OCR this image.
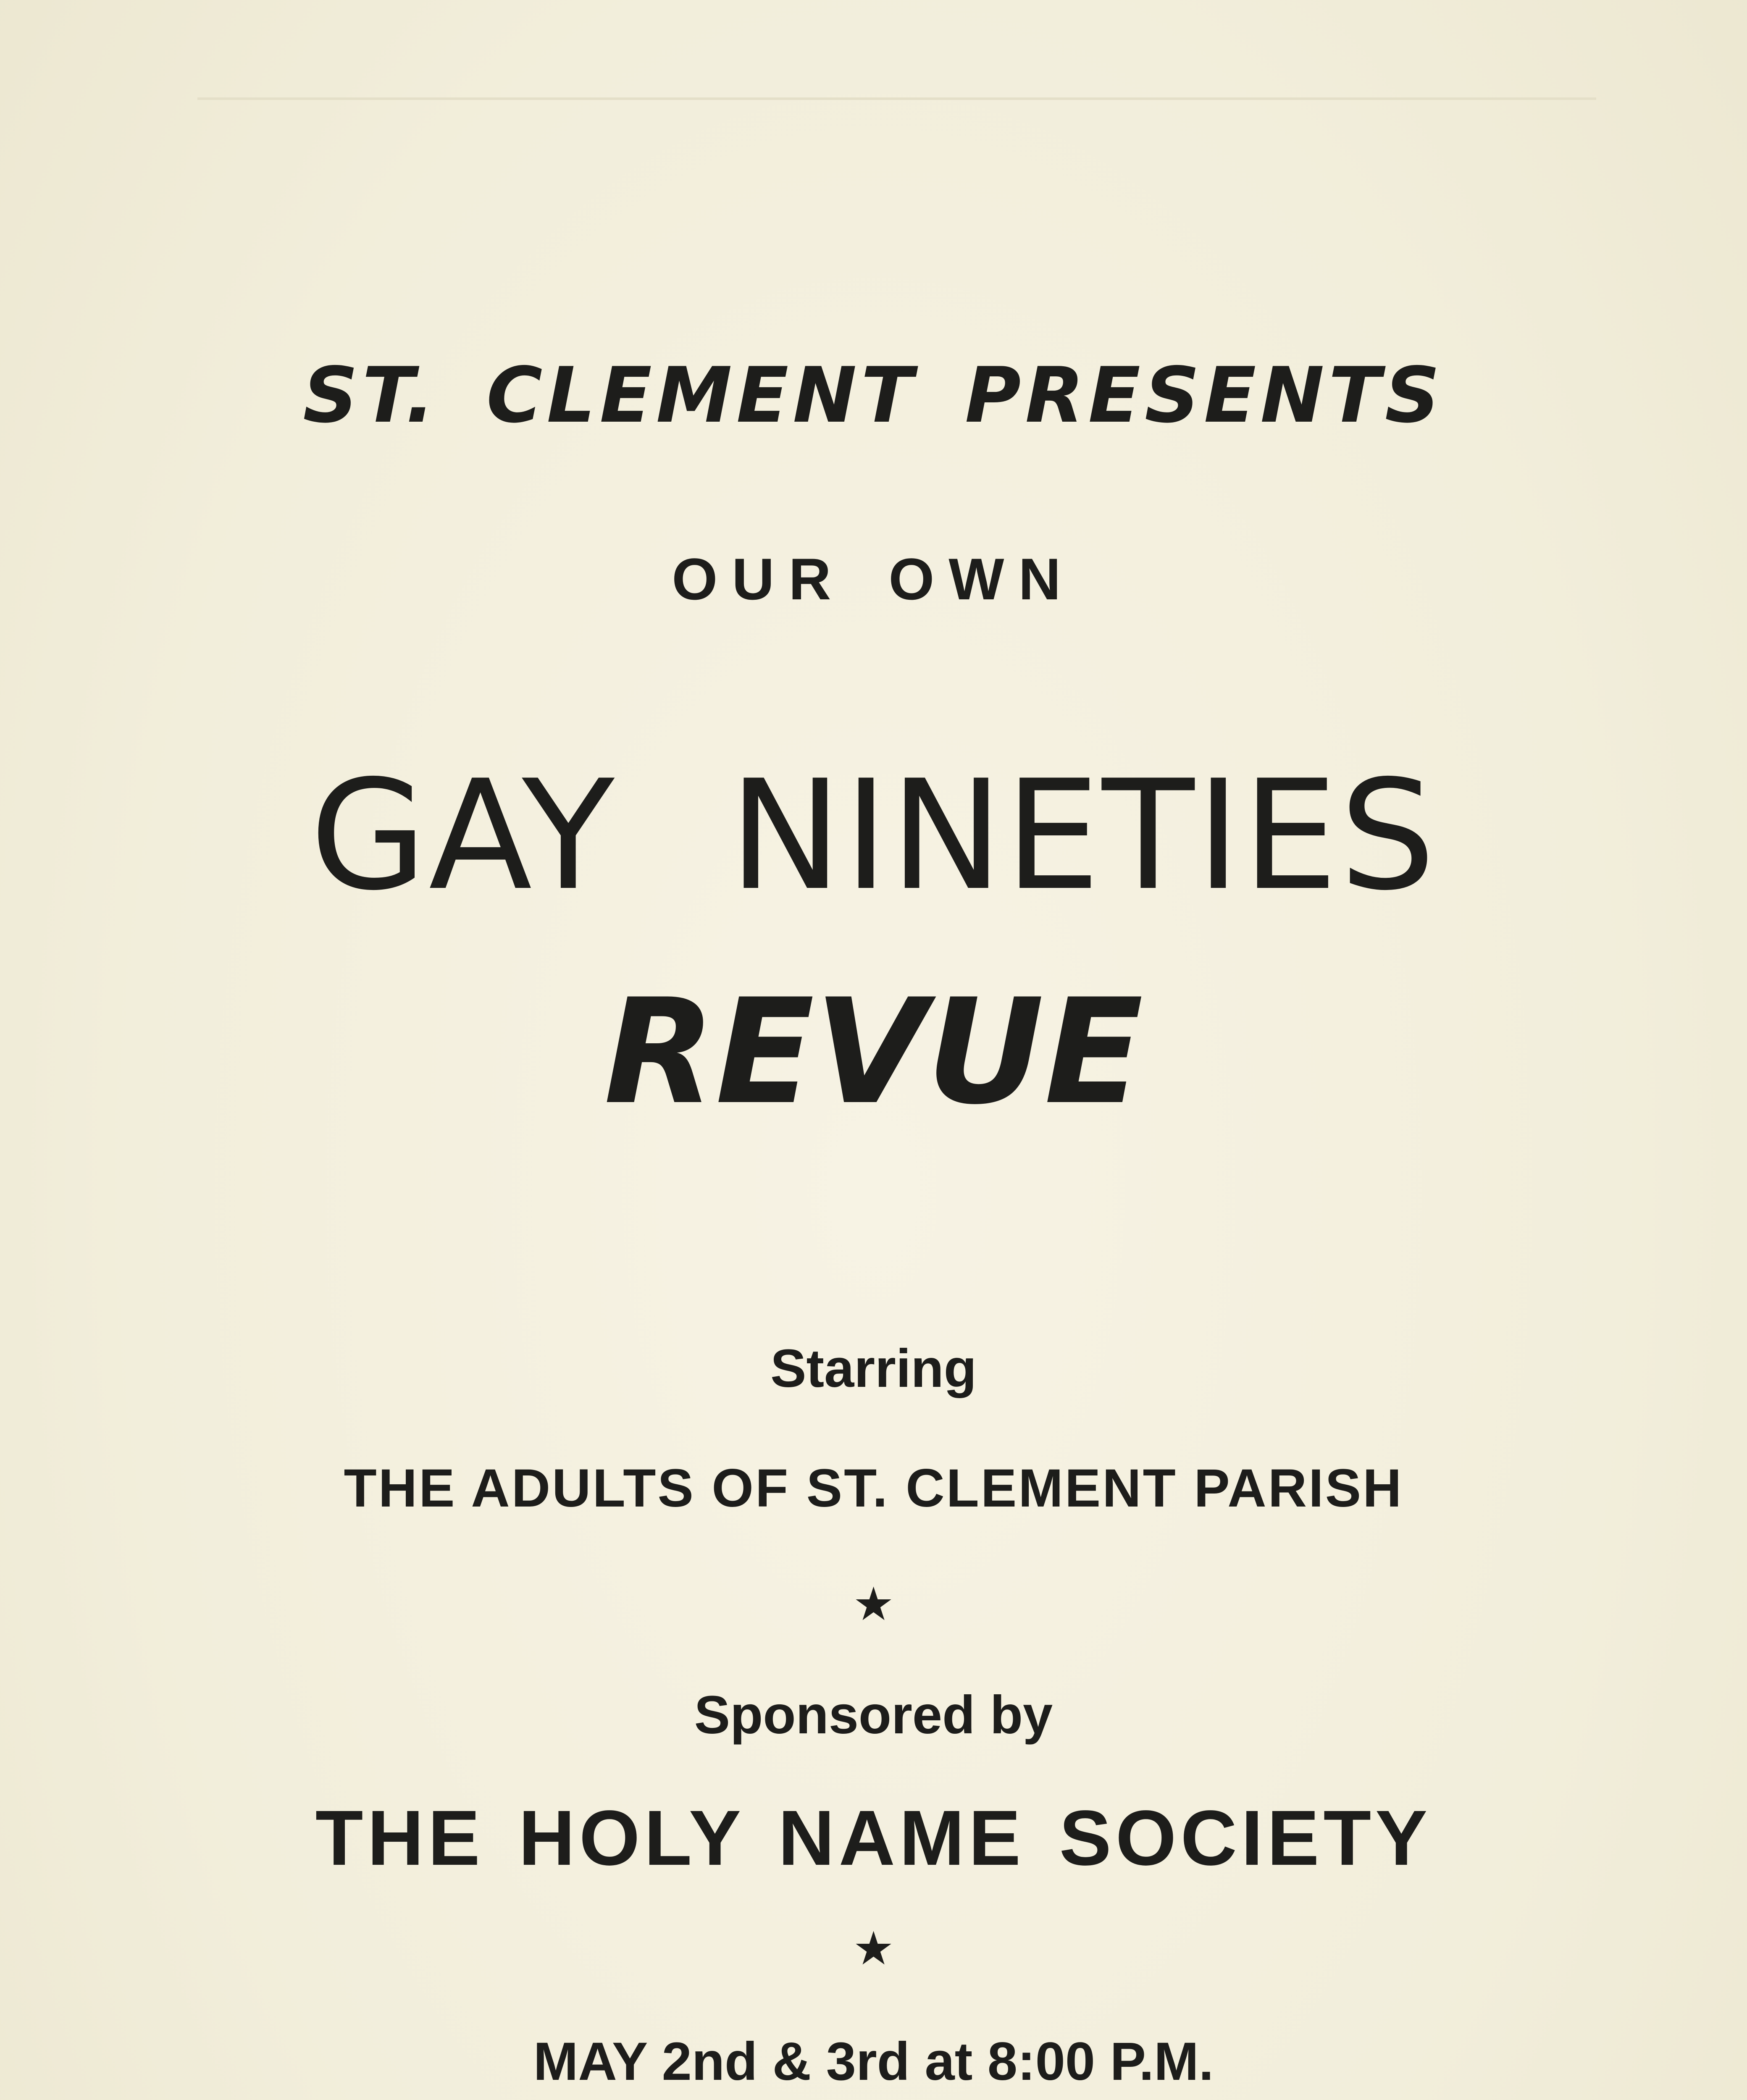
ST. CLEMENT PRESENTS

OUR OWN

GAY NINETIES
REVUE

Starring

THE ADULTS OF ST. CLEMENT PARISH

★

Sponsored by

THE HOLY NAME SOCIETY

★

MAY 2nd & 3rd at 8:00 P.M.
